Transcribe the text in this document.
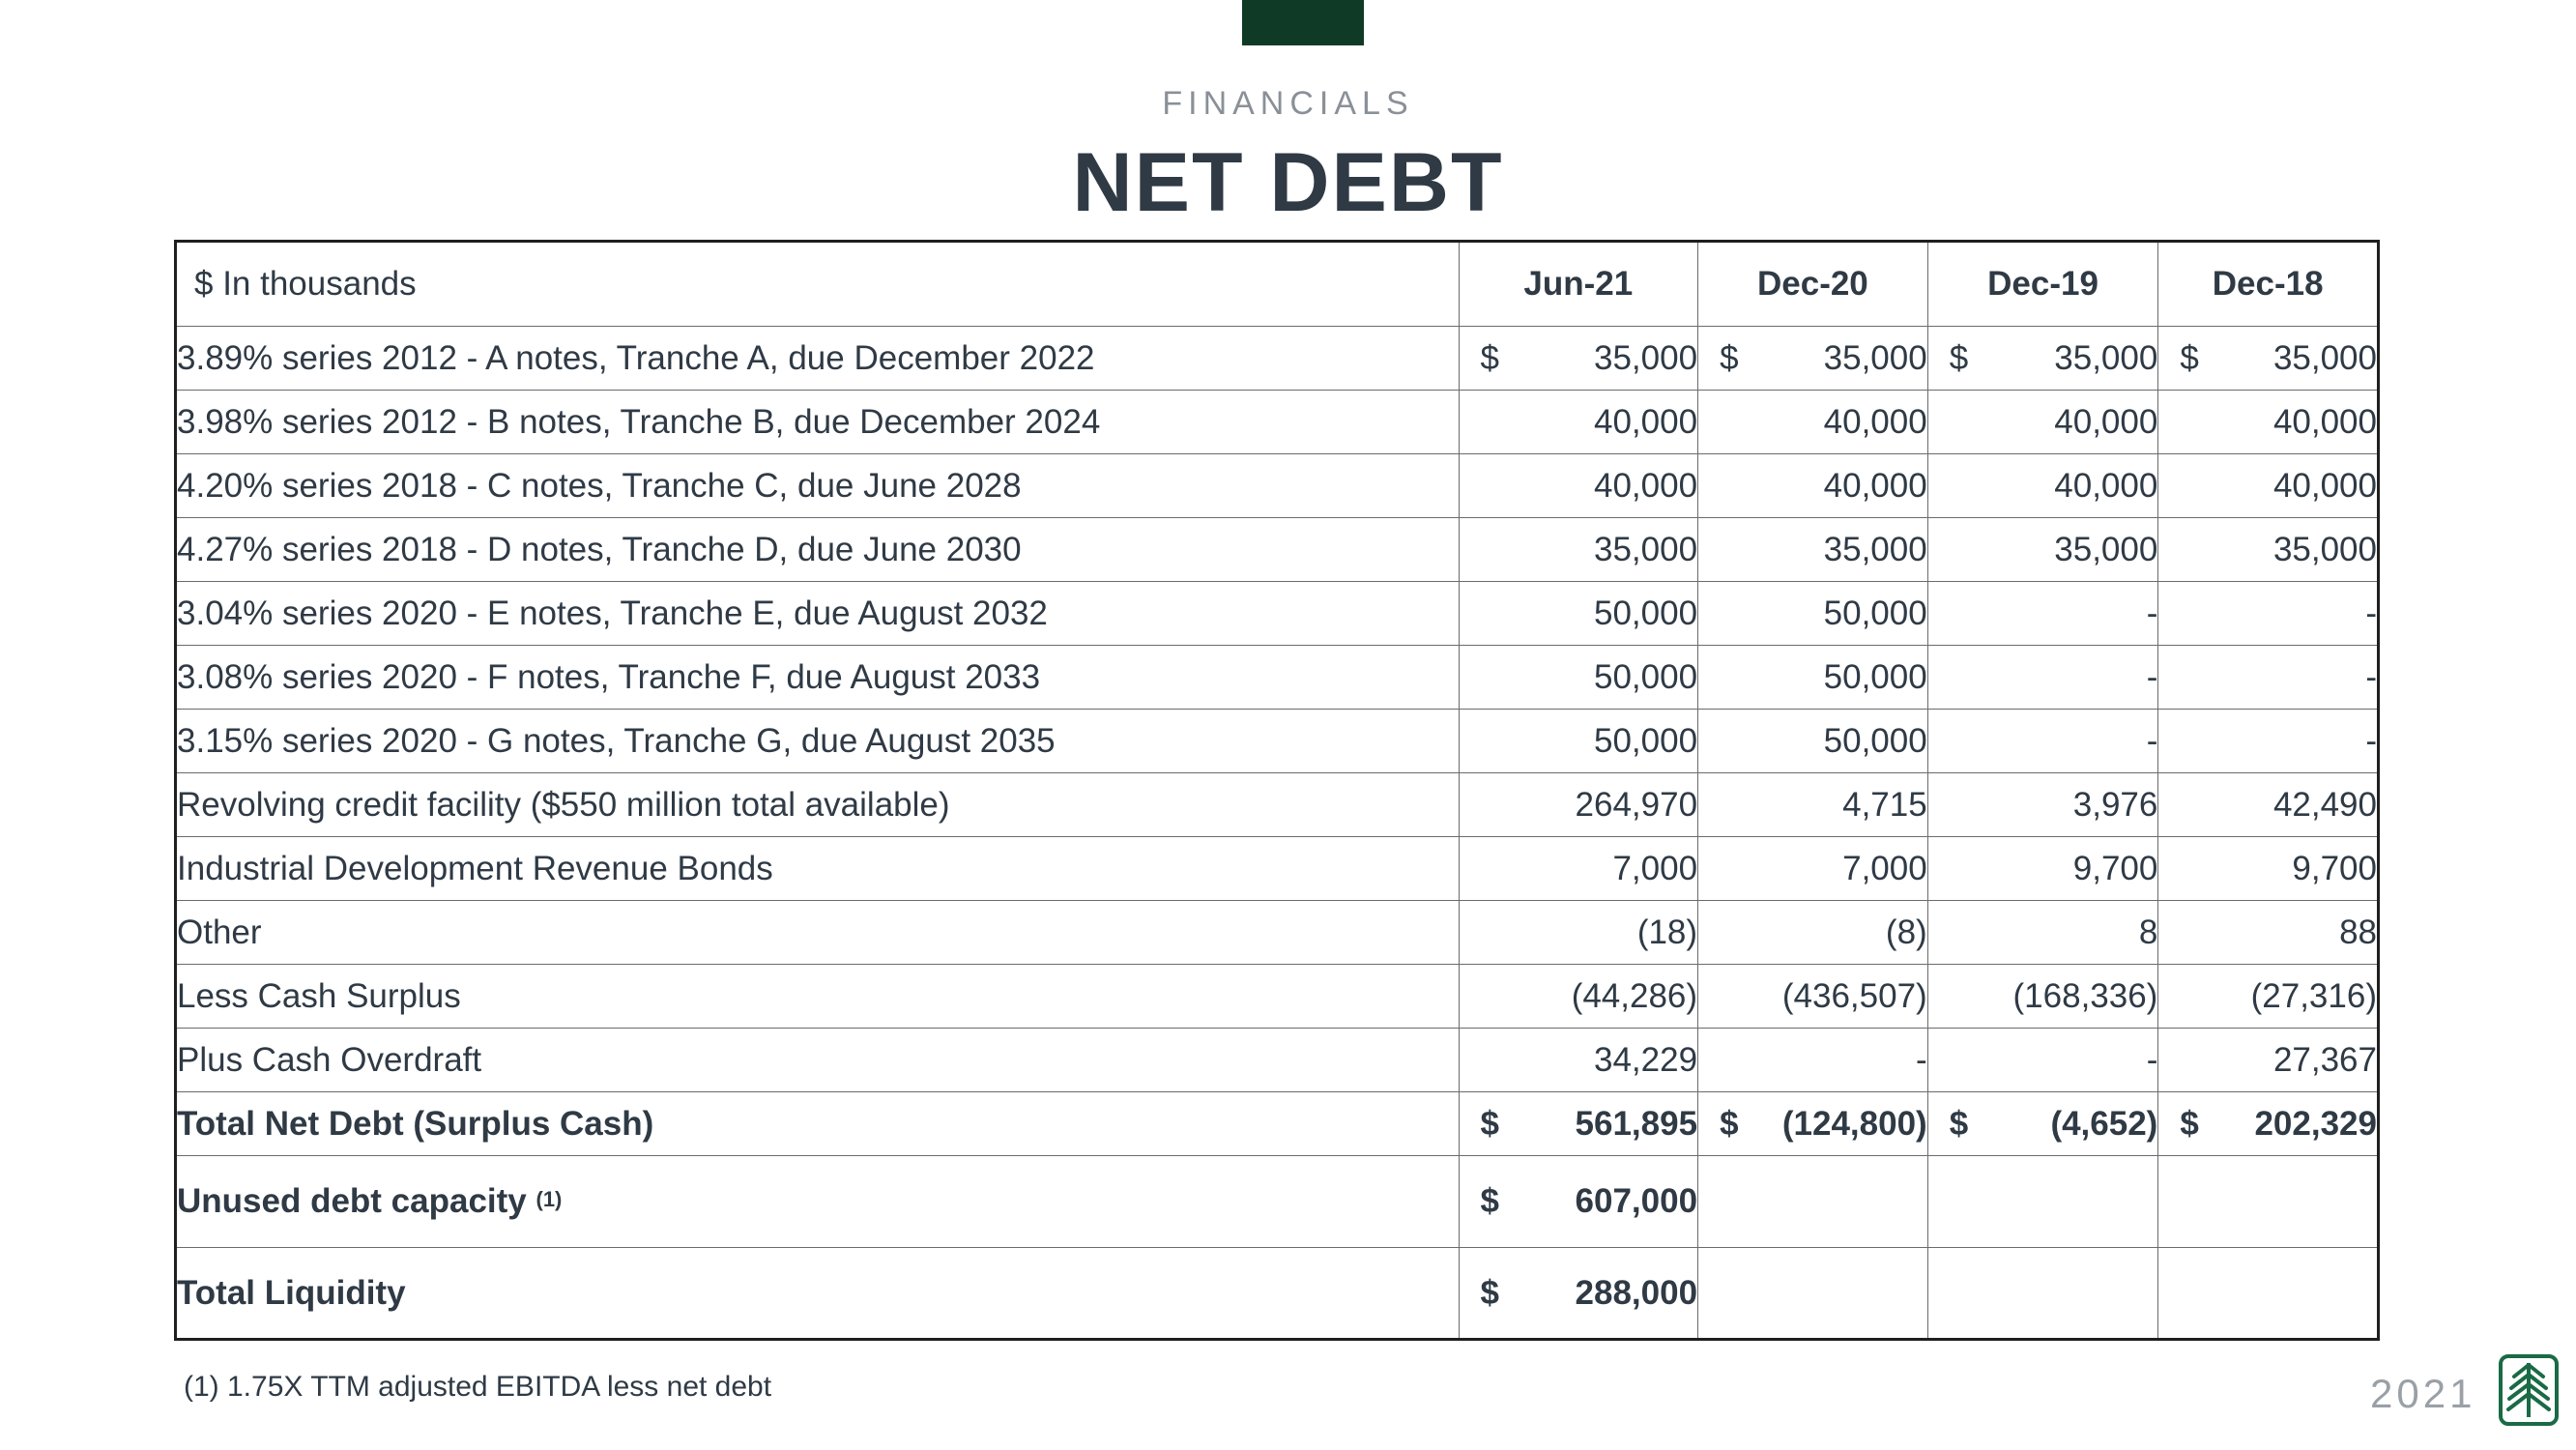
FINANCIALS
NET DEBT
$ In thousands	Jun-21	Dec-20	Dec-19	Dec-18
3.89% series 2012 - A notes, Tranche A, due December 2022	$ 35,000	$ 35,000	$ 35,000	$ 35,000
3.98% series 2012 - B notes, Tranche B, due December 2024	40,000	40,000	40,000	40,000
4.20% series 2018 - C notes, Tranche C, due June 2028	40,000	40,000	40,000	40,000
4.27% series 2018 - D notes, Tranche D, due June 2030	35,000	35,000	35,000	35,000
3.04% series 2020 - E notes, Tranche E, due August 2032	50,000	50,000	-	-
3.08% series 2020 - F notes, Tranche F, due August 2033	50,000	50,000	-	-
3.15% series 2020 - G notes, Tranche G, due August 2035	50,000	50,000	-	-
Revolving credit facility ($550 million total available)	264,970	4,715	3,976	42,490
Industrial Development Revenue Bonds	7,000	7,000	9,700	9,700
Other	(18)	(8)	8	88
Less Cash Surplus	(44,286)	(436,507)	(168,336)	(27,316)
Plus Cash Overdraft	34,229	-	-	27,367
Total Net Debt (Surplus Cash)	$ 561,895	$ (124,800)	$ (4,652)	$ 202,329
Unused debt capacity $^{(1)}$	$ 607,000			
Total Liquidity	$ 288,000			
(1) 1.75X TTM adjusted EBITDA less net debt	2021
